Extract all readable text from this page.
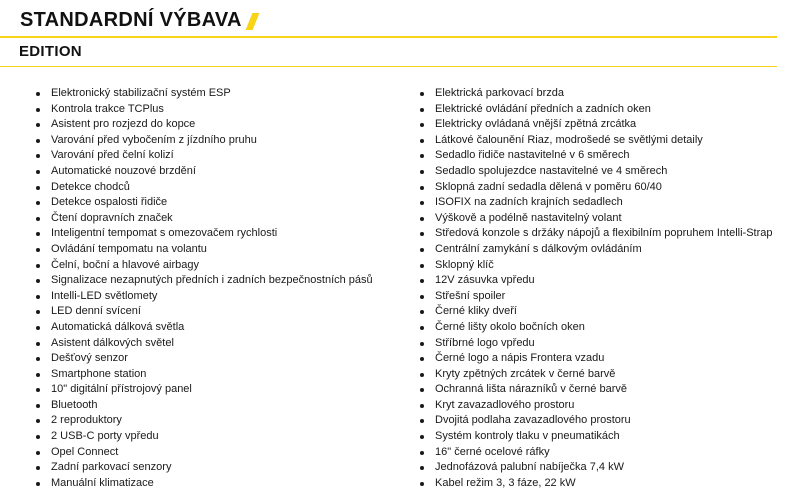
STANDARDNÍ VÝBAVA
EDITION
Elektronický stabilizační systém ESP
Kontrola trakce TCPlus
Asistent pro rozjezd do kopce
Varování před vybočením z jízdního pruhu
Varování před čelní kolizí
Automatické nouzové brzdění
Detekce chodců
Detekce ospalosti řidiče
Čtení dopravních značek
Inteligentní tempomat s omezovačem rychlosti
Ovládání tempomatu na volantu
Čelní, boční a hlavové airbagy
Signalizace nezapnutých předních i zadních bezpečnostních pásů
Intelli-LED světlomety
LED denní svícení
Automatická dálková světla
Asistent dálkových světel
Dešťový senzor
Smartphone station
10" digitální přístrojový panel
Bluetooth
2 reproduktory
2 USB-C porty vpředu
Opel Connect
Zadní parkovací senzory
Manuální klimatizace
Elektrická parkovací brzda
Elektrické ovládání předních a zadních oken
Elektricky ovládaná vnější zpětná zrcátka
Látkové čalounění Riaz, modrošedé se světlými detaily
Sedadlo řidiče nastavitelné v 6 směrech
Sedadlo spolujezdce nastavitelné ve 4 směrech
Sklopná zadní sedadla dělená v poměru 60/40
ISOFIX na zadních krajních sedadlech
Výškově a podélně nastavitelný volant
Středová konzole s držáky nápojů a flexibilním popruhem Intelli-Strap
Centrální zamykání s dálkovým ovládáním
Sklopný klíč
12V zásuvka vpředu
Střešní spoiler
Černé kliky dveří
Černé lišty okolo bočních oken
Stříbrné logo vpředu
Černé logo a nápis Frontera vzadu
Kryty zpětných zrcátek v černé barvě
Ochranná lišta nárazníků v černé barvě
Kryt zavazadlového prostoru
Dvojitá podlaha zavazadlového prostoru
Systém kontroly tlaku v pneumatikách
16" černé ocelové ráfky
Jednofázová palubní nabíječka 7,4 kW
Kabel režim 3, 3 fáze, 22 kW
